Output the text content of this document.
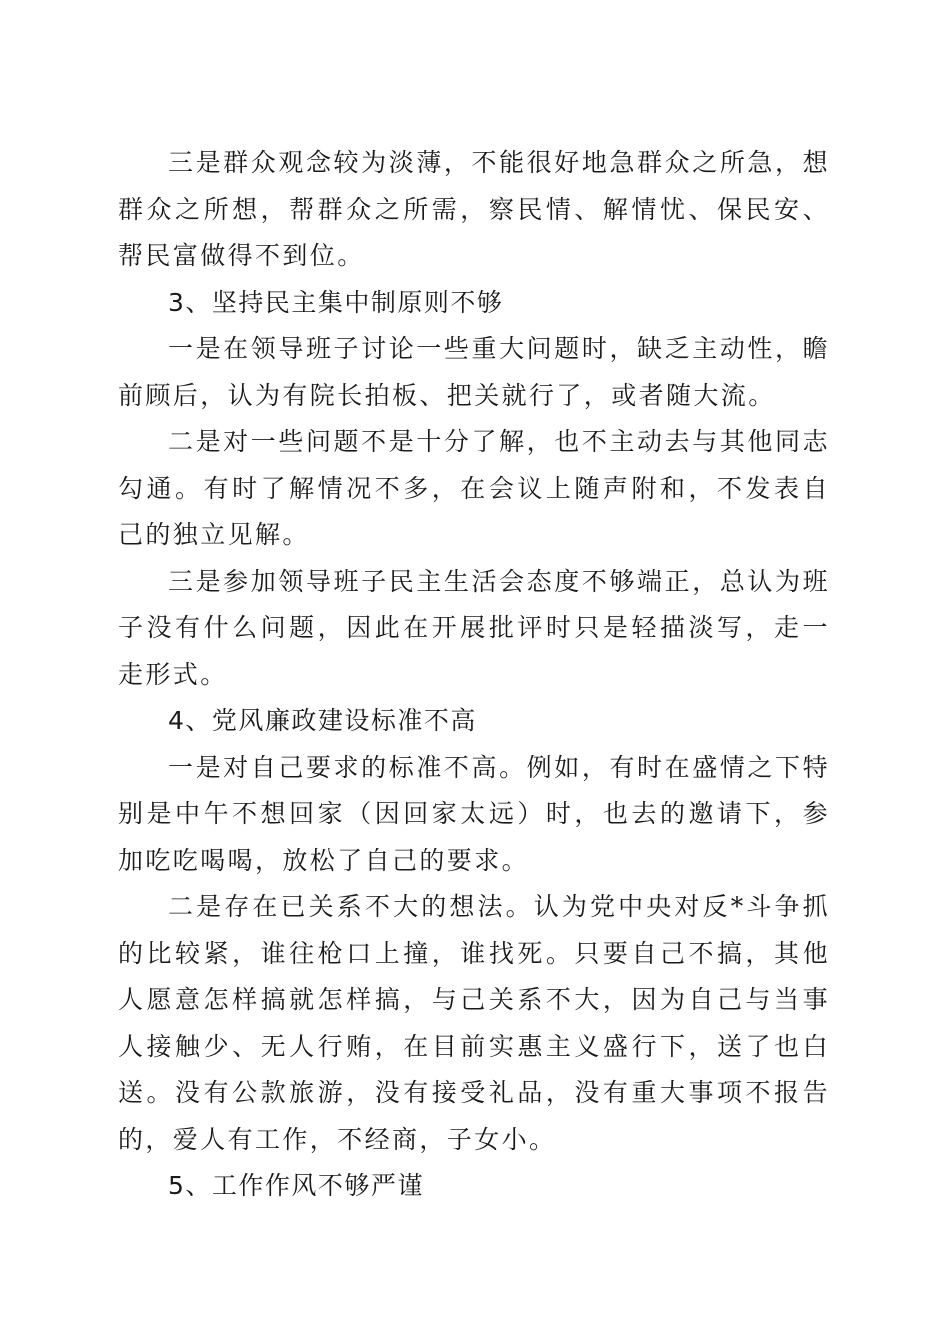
三是群众观念较为淡薄，不能很好地急群众之所急，想群众之所想，帮群众之所需，察民情、解情忧、保民安、帮民富做得不到位。

3、坚持民主集中制原则不够

一是在领导班子讨论一些重大问题时，缺乏主动性，瞻前顾后，认为有院长拍板、把关就行了，或者随大流。

二是对一些问题不是十分了解，也不主动去与其他同志勾通。有时了解情况不多，在会议上随声附和，不发表自己的独立见解。

三是参加领导班子民主生活会态度不够端正，总认为班子没有什么问题，因此在开展批评时只是轻描淡写，走一走形式。

4、党风廉政建设标准不高

一是对自己要求的标准不高。例如，有时在盛情之下特别是中午不想回家（因回家太远）时，也去的邀请下，参加吃吃喝喝，放松了自己的要求。

二是存在已关系不大的想法。认为党中央对反*斗争抓的比较紧，谁往枪口上撞，谁找死。只要自己不搞，其他人愿意怎样搞就怎样搞，与己关系不大，因为自己与当事人接触少、无人行贿，在目前实惠主义盛行下，送了也白送。没有公款旅游，没有接受礼品，没有重大事项不报告的，爱人有工作，不经商，子女小。

5、工作作风不够严谨
